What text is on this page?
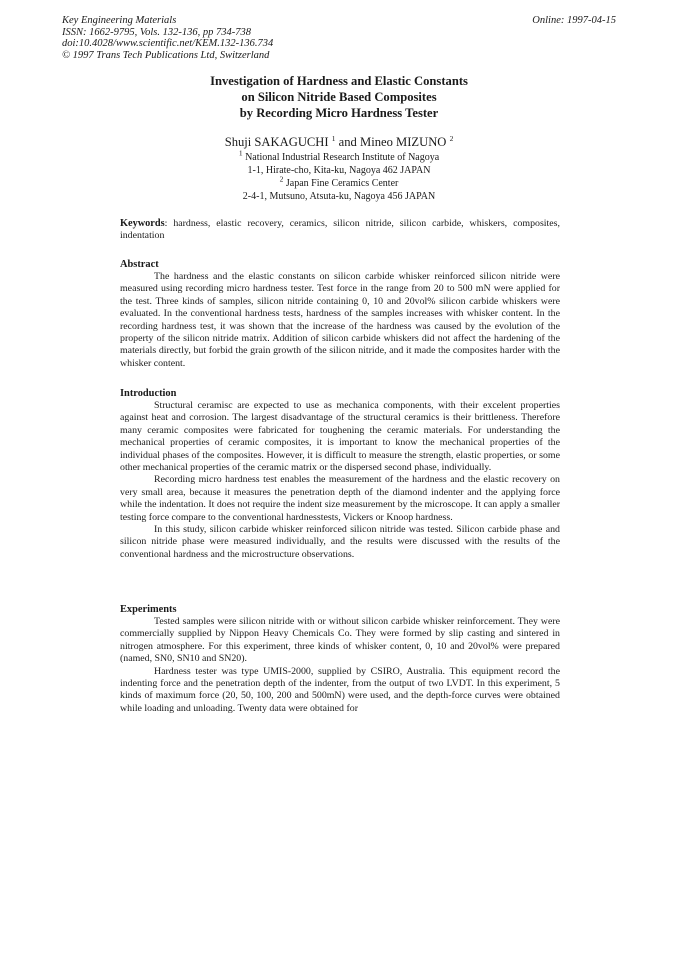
Key Engineering Materials
ISSN: 1662-9795, Vols. 132-136, pp 734-738
doi:10.4028/www.scientific.net/KEM.132-136.734
© 1997 Trans Tech Publications Ltd, Switzerland
Online: 1997-04-15
Investigation of Hardness and Elastic Constants
on Silicon Nitride Based Composites
by Recording Micro Hardness Tester
Shuji SAKAGUCHI $^1$ and Mineo MIZUNO $^2$
$^1$ National Industrial Research Institute of Nagoya
1-1, Hirate-cho, Kita-ku, Nagoya 462 JAPAN
$^2$ Japan Fine Ceramics Center
2-4-1, Mutsuno, Atsuta-ku, Nagoya 456 JAPAN
Keywords: hardness, elastic recovery, ceramics, silicon nitride, silicon carbide, whiskers, composites, indentation
Abstract

The hardness and the elastic constants on silicon carbide whisker reinforced silicon nitride were measured using recording micro hardness tester. Test force in the range from 20 to 500 mN were applied for the test. Three kinds of samples, silicon nitride containing 0, 10 and 20vol% silicon carbide whiskers were evaluated. In the conventional hardness tests, hardness of the samples increases with whisker content. In the recording hardness test, it was shown that the increase of the hardness was caused by the evolution of the property of the silicon nitride matrix. Addition of silicon carbide whiskers did not affect the hardening of the materials directly, but forbid the grain growth of the silicon nitride, and it made the composites harder with the whisker content.

Introduction

Structural ceramisc are expected to use as mechanica components, with their excelent properties against heat and corrosion. The largest disadvantage of the structural ceramics is their brittleness. Therefore many ceramic composites were fabricated for toughening the ceramic materials. For understanding the mechanical properties of ceramic composites, it is important to know the mechanical properties of the individual phases of the composites. However, it is difficult to measure the strength, elastic properties, or some other mechanical properties of the ceramic matrix or the dispersed second phase, individually.

Recording micro hardness test enables the measurement of the hardness and the elastic recovery on very small area, because it measures the penetration depth of the diamond indenter and the applying force while the indentation. It does not require the indent size measurement by the microscope. It can apply a smaller testing force compare to the conventional hardnesstests, Vickers or Knoop hardness.

In this study, silicon carbide whisker reinforced silicon nitride was tested. Silicon carbide phase and silicon nitride phase were measured individually, and the results were discussed with the results of the conventional hardness and the microstructure observations.

Experiments

Tested samples were silicon nitride with or without silicon carbide whisker reinforcement. They were commercially supplied by Nippon Heavy Chemicals Co. They were formed by slip casting and sintered in nitrogen atmosphere. For this experiment, three kinds of whisker content, 0, 10 and 20vol% were prepared (named, SN0, SN10 and SN20).

Hardness tester was type UMIS-2000, supplied by CSIRO, Australia. This equipment record the indenting force and the penetration depth of the indenter, from the output of two LVDT. In this experiment, 5 kinds of maximum force (20, 50, 100, 200 and 500mN) were used, and the depth-force curves were obtained while loading and unloading. Twenty data were obtained for
